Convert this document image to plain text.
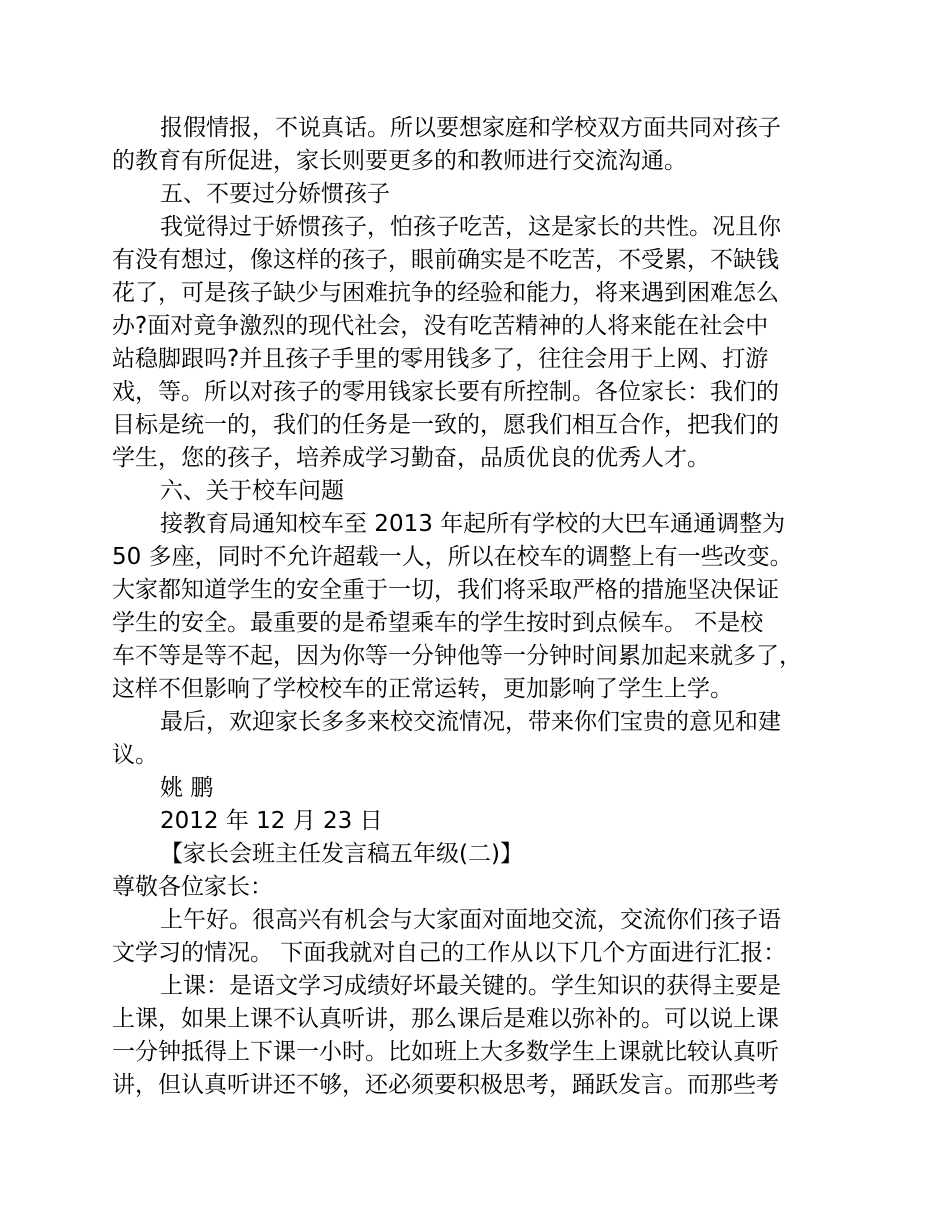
报假情报，不说真话。所以要想家庭和学校双方面共同对孩子
的教育有所促进，家长则要更多的和教师进行交流沟通。
五、不要过分娇惯孩子
我觉得过于娇惯孩子，怕孩子吃苦，这是家长的共性。况且你
有没有想过，像这样的孩子，眼前确实是不吃苦，不受累，不缺钱
花了，可是孩子缺少与困难抗争的经验和能力，将来遇到困难怎么
办?面对竟争激烈的现代社会，没有吃苦精神的人将来能在社会中
站稳脚跟吗?并且孩子手里的零用钱多了，往往会用于上网、打游
戏，等。所以对孩子的零用钱家长要有所控制。各位家长：我们的
目标是统一的，我们的任务是一致的，愿我们相互合作，把我们的
学生，您的孩子，培养成学习勤奋，品质优良的优秀人才。
六、关于校车问题
接教育局通知校车至 2013 年起所有学校的大巴车通通调整为
50 多座，同时不允许超载一人，所以在校车的调整上有一些改变。
大家都知道学生的安全重于一切，我们将采取严格的措施坚决保证
学生的安全。最重要的是希望乘车的学生按时到点候车。 不是校
车不等是等不起，因为你等一分钟他等一分钟时间累加起来就多了，
这样不但影响了学校校车的正常运转，更加影响了学生上学。
最后，欢迎家长多多来校交流情况，带来你们宝贵的意见和建
议。
姚 鹏
2012 年 12 月 23 日
【家长会班主任发言稿五年级(二)】
尊敬各位家长：
上午好。很高兴有机会与大家面对面地交流，交流你们孩子语
文学习的情况。 下面我就对自己的工作从以下几个方面进行汇报：
上课：是语文学习成绩好坏最关键的。学生知识的获得主要是
上课，如果上课不认真听讲，那么课后是难以弥补的。可以说上课
一分钟抵得上下课一小时。比如班上大多数学生上课就比较认真听
讲，但认真听讲还不够，还必须要积极思考，踊跃发言。而那些考
